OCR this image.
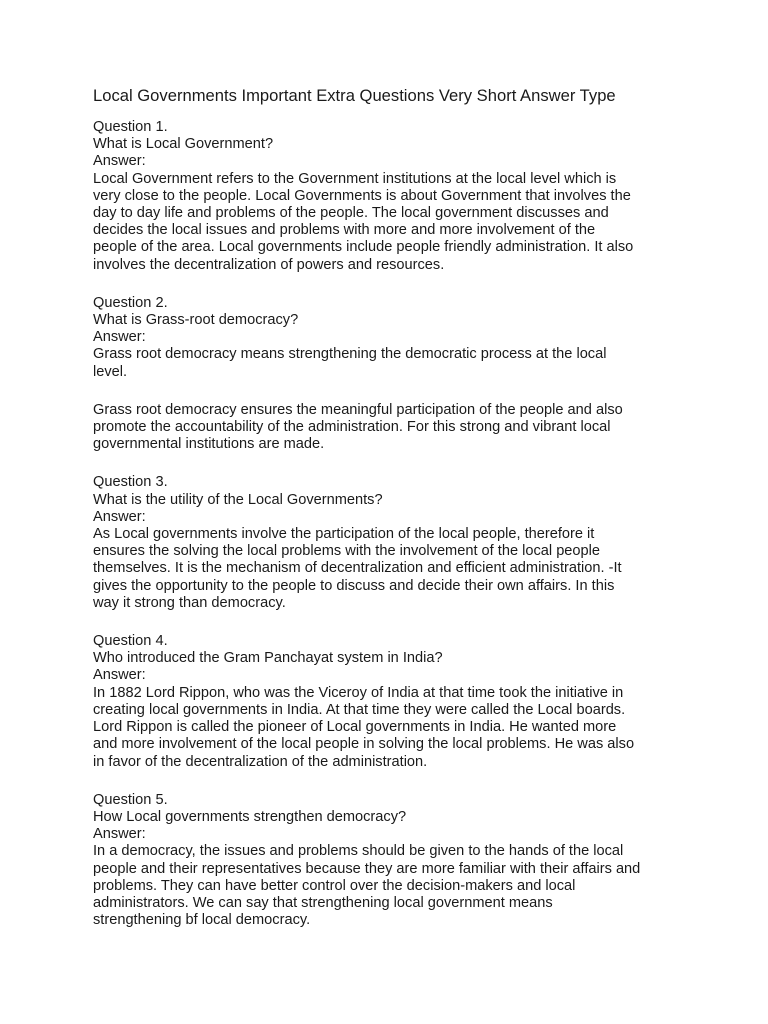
Local Governments Important Extra Questions Very Short Answer Type
Question 1.
What is Local Government?
Answer:
Local Government refers to the Government institutions at the local level which is
very close to the people. Local Governments is about Government that involves the
day to day life and problems of the people. The local government discusses and
decides the local issues and problems with more and more involvement of the
people of the area. Local governments include people friendly administration. It also
involves the decentralization of powers and resources.
Question 2.
What is Grass-root democracy?
Answer:
Grass root democracy means strengthening the democratic process at the local
level.
Grass root democracy ensures the meaningful participation of the people and also
promote the accountability of the administration. For this strong and vibrant local
governmental institutions are made.
Question 3.
What is the utility of the Local Governments?
Answer:
As Local governments involve the participation of the local people, therefore it
ensures the solving the local problems with the involvement of the local people
themselves. It is the mechanism of decentralization and efficient administration. -It
gives the opportunity to the people to discuss and decide their own affairs. In this
way it strong than democracy.
Question 4.
Who introduced the Gram Panchayat system in India?
Answer:
In 1882 Lord Rippon, who was the Viceroy of India at that time took the initiative in
creating local governments in India. At that time they were called the Local boards.
Lord Rippon is called the pioneer of Local governments in India. He wanted more
and more involvement of the local people in solving the local problems. He was also
in favor of the decentralization of the administration.
Question 5.
How Local governments strengthen democracy?
Answer:
In a democracy, the issues and problems should be given to the hands of the local
people and their representatives because they are more familiar with their affairs and
problems. They can have better control over the decision-makers and local
administrators. We can say that strengthening local government means
strengthening bf local democracy.
